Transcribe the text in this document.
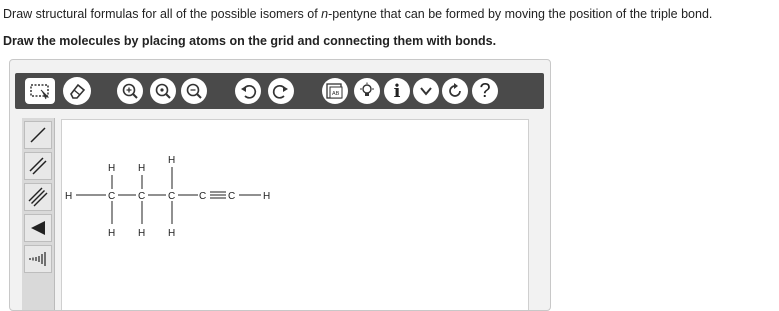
Draw structural formulas for all of the possible isomers of n-pentyne that can be formed by moving the position of the triple bond.
Draw the molecules by placing atoms on the grid and connecting them with bonds.
AB	i	?
H	C C C C C	H
H H
H
H H H
